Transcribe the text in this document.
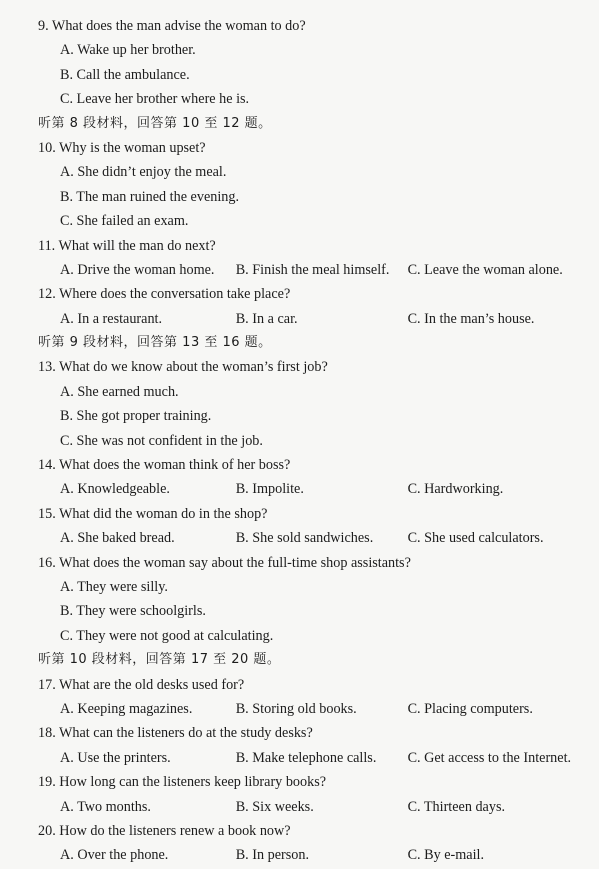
9. What does the man advise the woman to do?
A. Wake up her brother.
B. Call the ambulance.
C. Leave her brother where he is.
听第 8 段材料，回答第 10 至 12 题。
10. Why is the woman upset?
A. She didn’t enjoy the meal.
B. The man ruined the evening.
C. She failed an exam.
11. What will the man do next?
A. Drive the woman home.	B. Finish the meal himself.	C. Leave the woman alone.
12. Where does the conversation take place?
A. In a restaurant.	B. In a car.	C. In the man’s house.
听第 9 段材料，回答第 13 至 16 题。
13. What do we know about the woman’s first job?
A. She earned much.
B. She got proper training.
C. She was not confident in the job.
14. What does the woman think of her boss?
A. Knowledgeable.	B. Impolite.	C. Hardworking.
15. What did the woman do in the shop?
A. She baked bread.	B. She sold sandwiches.	C. She used calculators.
16. What does the woman say about the full-time shop assistants?
A. They were silly.
B. They were schoolgirls.
C. They were not good at calculating.
听第 10 段材料，回答第 17 至 20 题。
17. What are the old desks used for?
A. Keeping magazines.	B. Storing old books.	C. Placing computers.
18. What can the listeners do at the study desks?
A. Use the printers.	B. Make telephone calls.	C. Get access to the Internet.
19. How long can the listeners keep library books?
A. Two months.	B. Six weeks.	C. Thirteen days.
20. How do the listeners renew a book now?
A. Over the phone.	B. In person.	C. By e-mail.
